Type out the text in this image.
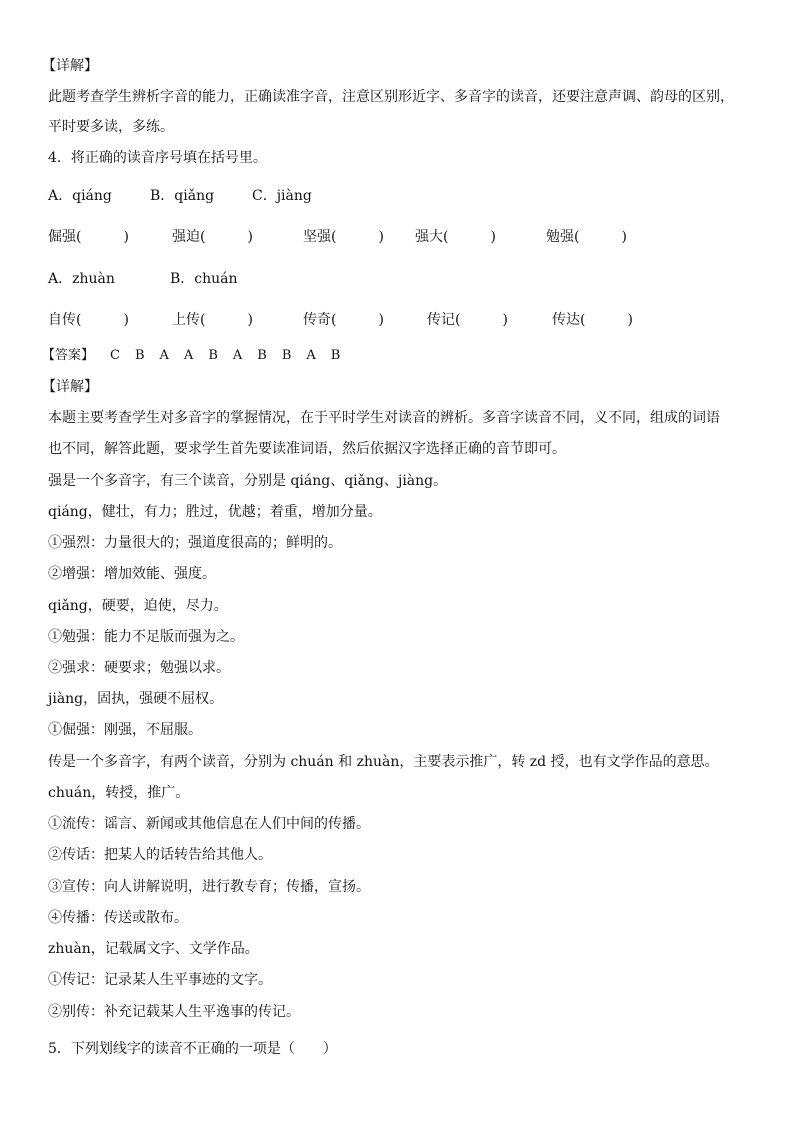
【详解】
此题考查学生辨析字音的能力，正确读准字音，注意区别形近字、多音字的读音，还要注意声调、韵母的区别，
平时要多读，多练。
4．将正确的读音序号填在括号里。
A．qiáng	B．qiǎng	C．jiàng
倔强(　　　)	强迫(　　　)	坚强(　　　) 强大(　　　)	勉强(　　　)
A．zhuàn	B．chuán
自传(　　　)	上传(　　　)	传奇(　　　)	传记(　　　)	传达(　　　)
【答案】 C B A A B A B B A B
【详解】
本题主要考查学生对多音字的掌握情况，在于平时学生对读音的辨析。多音字读音不同，义不同，组成的词语
也不同，解答此题，要求学生首先要读准词语，然后依据汉字选择正确的音节即可。
强是一个多音字，有三个读音，分别是 qiáng、qiǎng、jiàng。
qiáng，健壮，有力；胜过，优越；着重，增加分量。
①强烈：力量很大的；强道度很高的；鲜明的。
②增强：增加效能、强度。
qiǎng，硬要，迫使，尽力。
①勉强：能力不足版而强为之。
②强求：硬要求；勉强以求。
jiàng，固执，强硬不屈权。
①倔强：刚强，不屈服。
传是一个多音字，有两个读音，分别为 chuán 和 zhuàn，主要表示推广，转 zd 授，也有文学作品的意思。
chuán，转授，推广。
①流传：谣言、新闻或其他信息在人们中间的传播。
②传话：把某人的话转告给其他人。
③宣传：向人讲解说明，进行教专育；传播，宣扬。
④传播：传送或散布。
zhuàn，记载属文字、文学作品。
①传记：记录某人生平事迹的文字。
②别传：补充记载某人生平逸事的传记。
5．下列划线字的读音不正确的一项是（　　）
